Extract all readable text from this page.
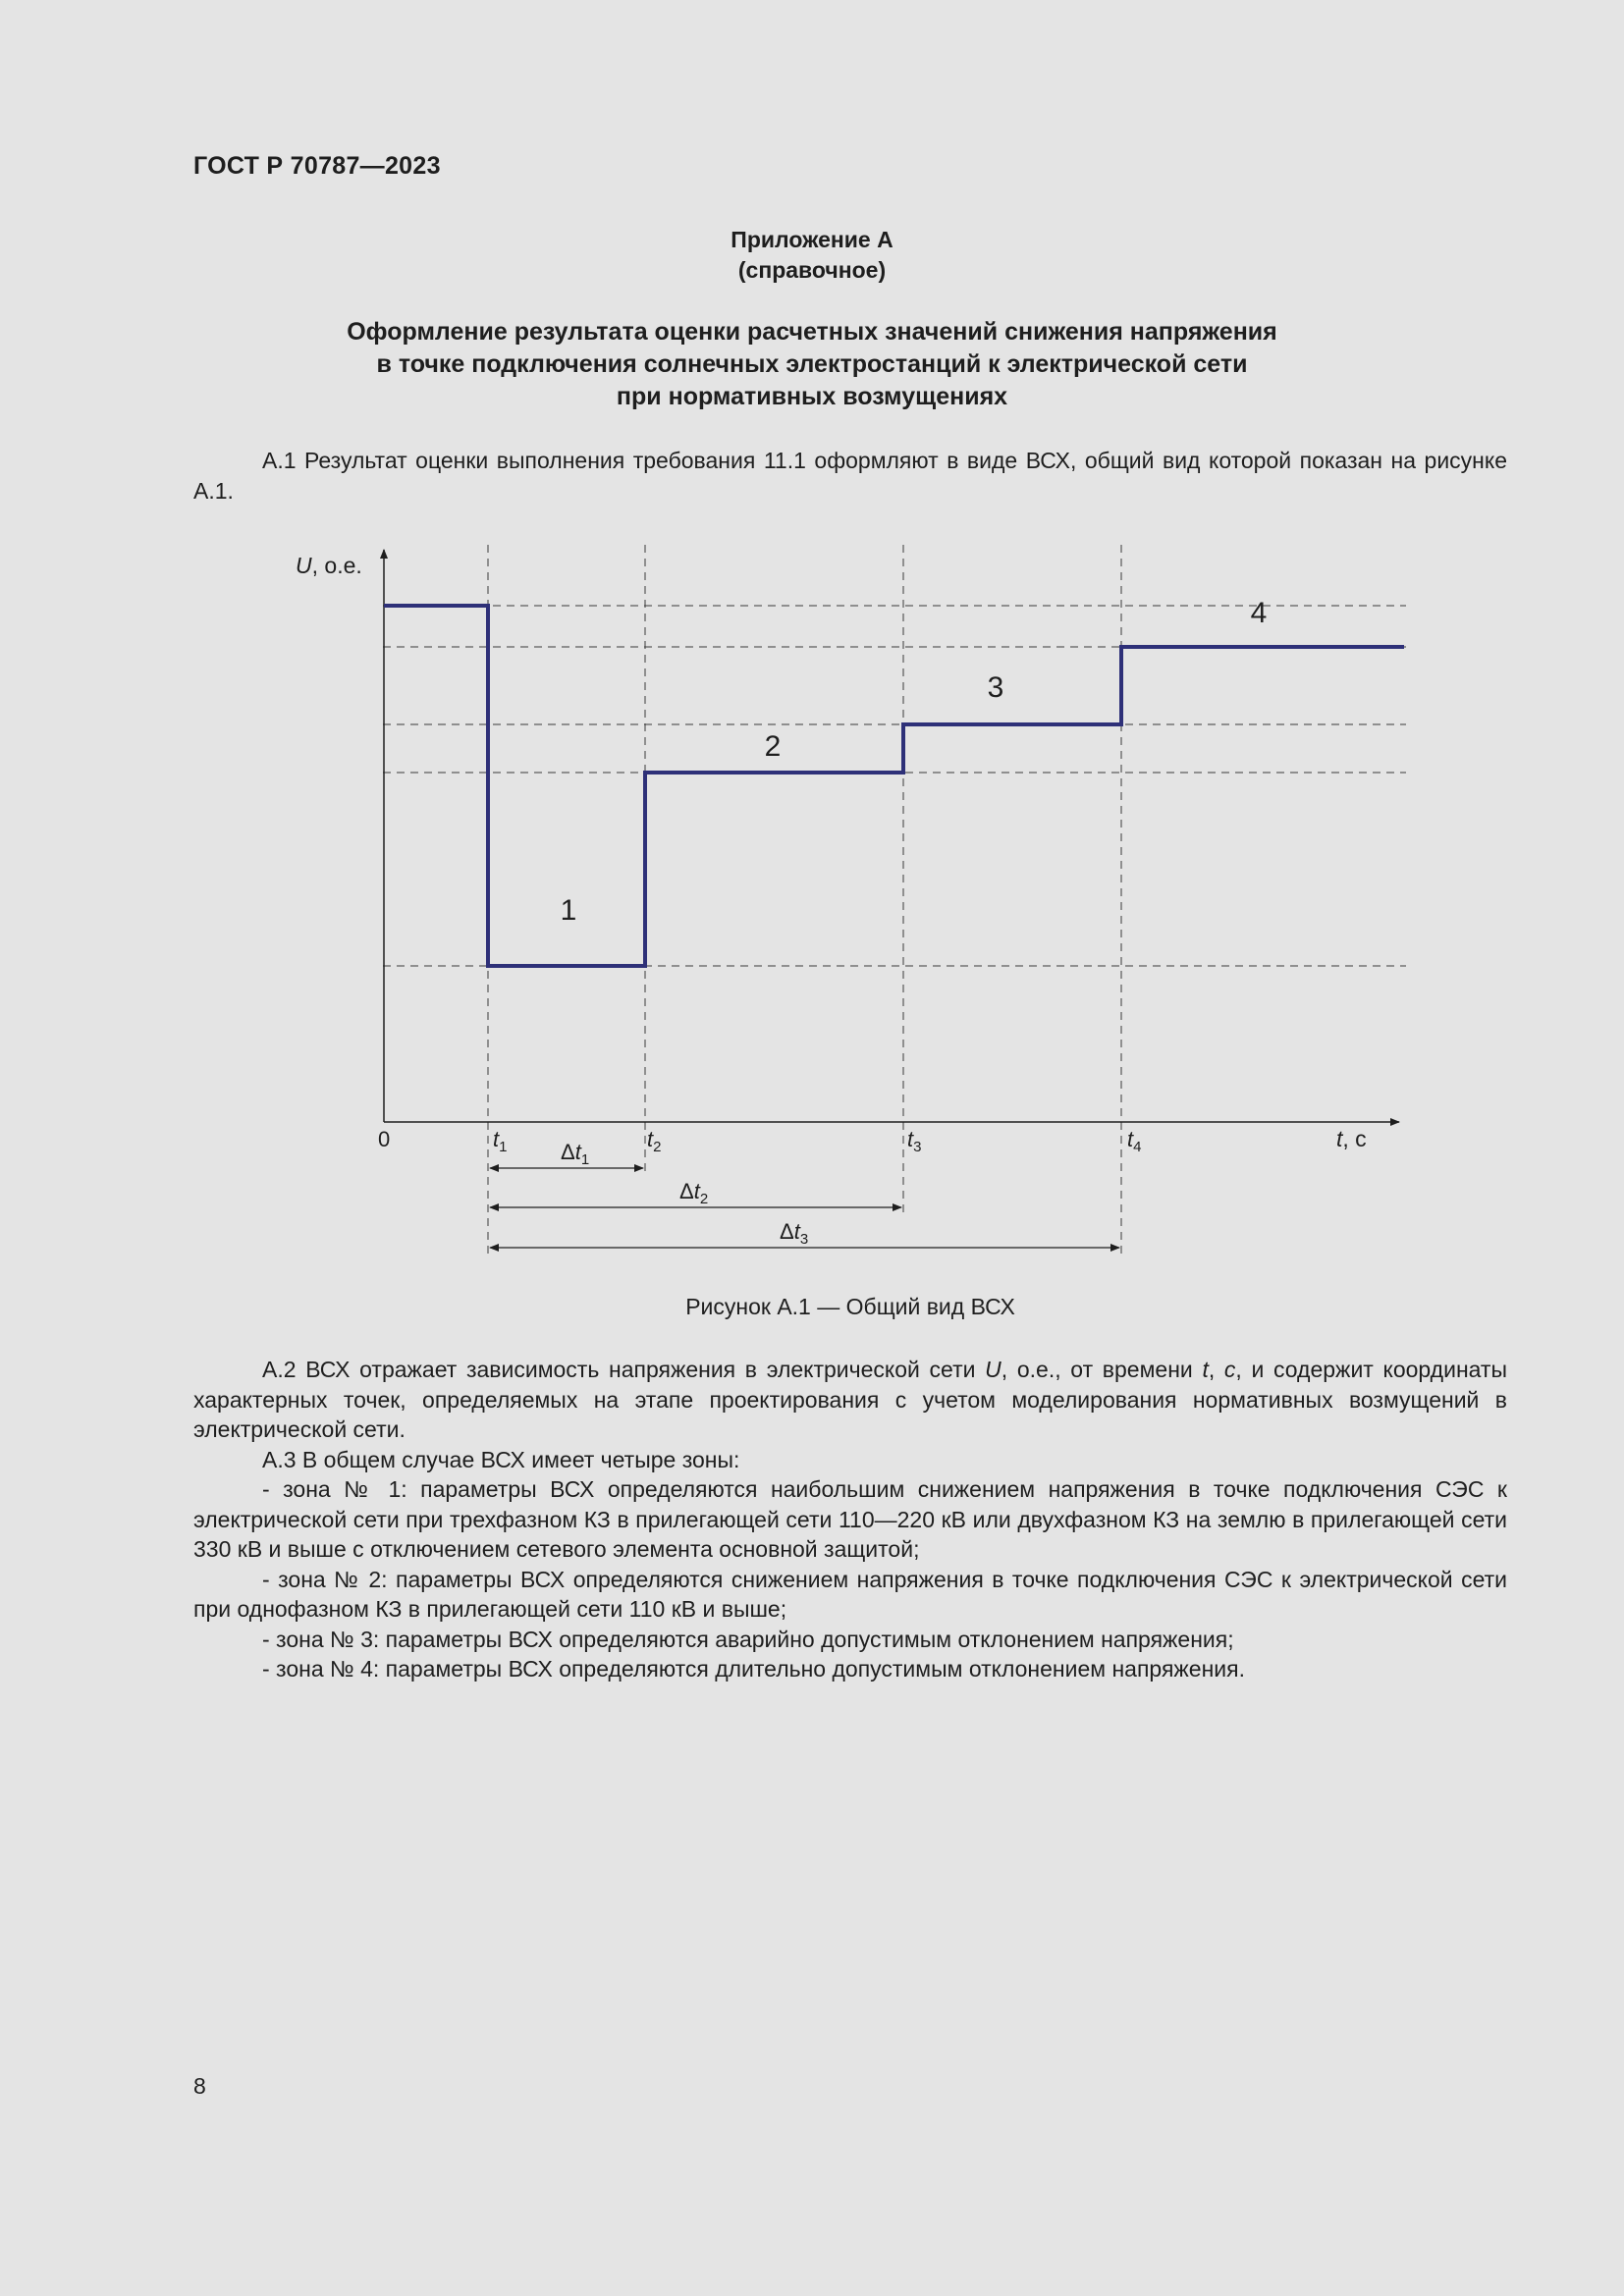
ГОСТ Р 70787—2023
Приложение А
(справочное)
Оформление результата оценки расчетных значений снижения напряжения
в точке подключения солнечных электростанций к электрической сети
при нормативных возмущениях
А.1 Результат оценки выполнения требования 11.1 оформляют в виде ВСХ, общий вид которой показан на рисунке А.1.
U, о.е.
t, с
0	$t_1$	$t_2$	$t_3$	$t_4$
1
2
3
4
$\Delta t_1$
$\Delta t_2$
$\Delta t_3$
Рисунок А.1 — Общий вид ВСХ
А.2 ВСХ отражает зависимость напряжения в электрической сети U, о.е., от времени t, с, и содержит координаты характерных точек, определяемых на этапе проектирования с учетом моделирования нормативных возмущений в электрической сети.
А.3 В общем случае ВСХ имеет четыре зоны:
- зона № 1: параметры ВСХ определяются наибольшим снижением напряжения в точке подключения СЭС к электрической сети при трехфазном КЗ в прилегающей сети 110—220 кВ или двухфазном КЗ на землю в прилегающей сети 330 кВ и выше с отключением сетевого элемента основной защитой;
- зона № 2: параметры ВСХ определяются снижением напряжения в точке подключения СЭС к электрической сети при однофазном КЗ в прилегающей сети 110 кВ и выше;
- зона № 3: параметры ВСХ определяются аварийно допустимым отклонением напряжения;
- зона № 4: параметры ВСХ определяются длительно допустимым отклонением напряжения.
8
